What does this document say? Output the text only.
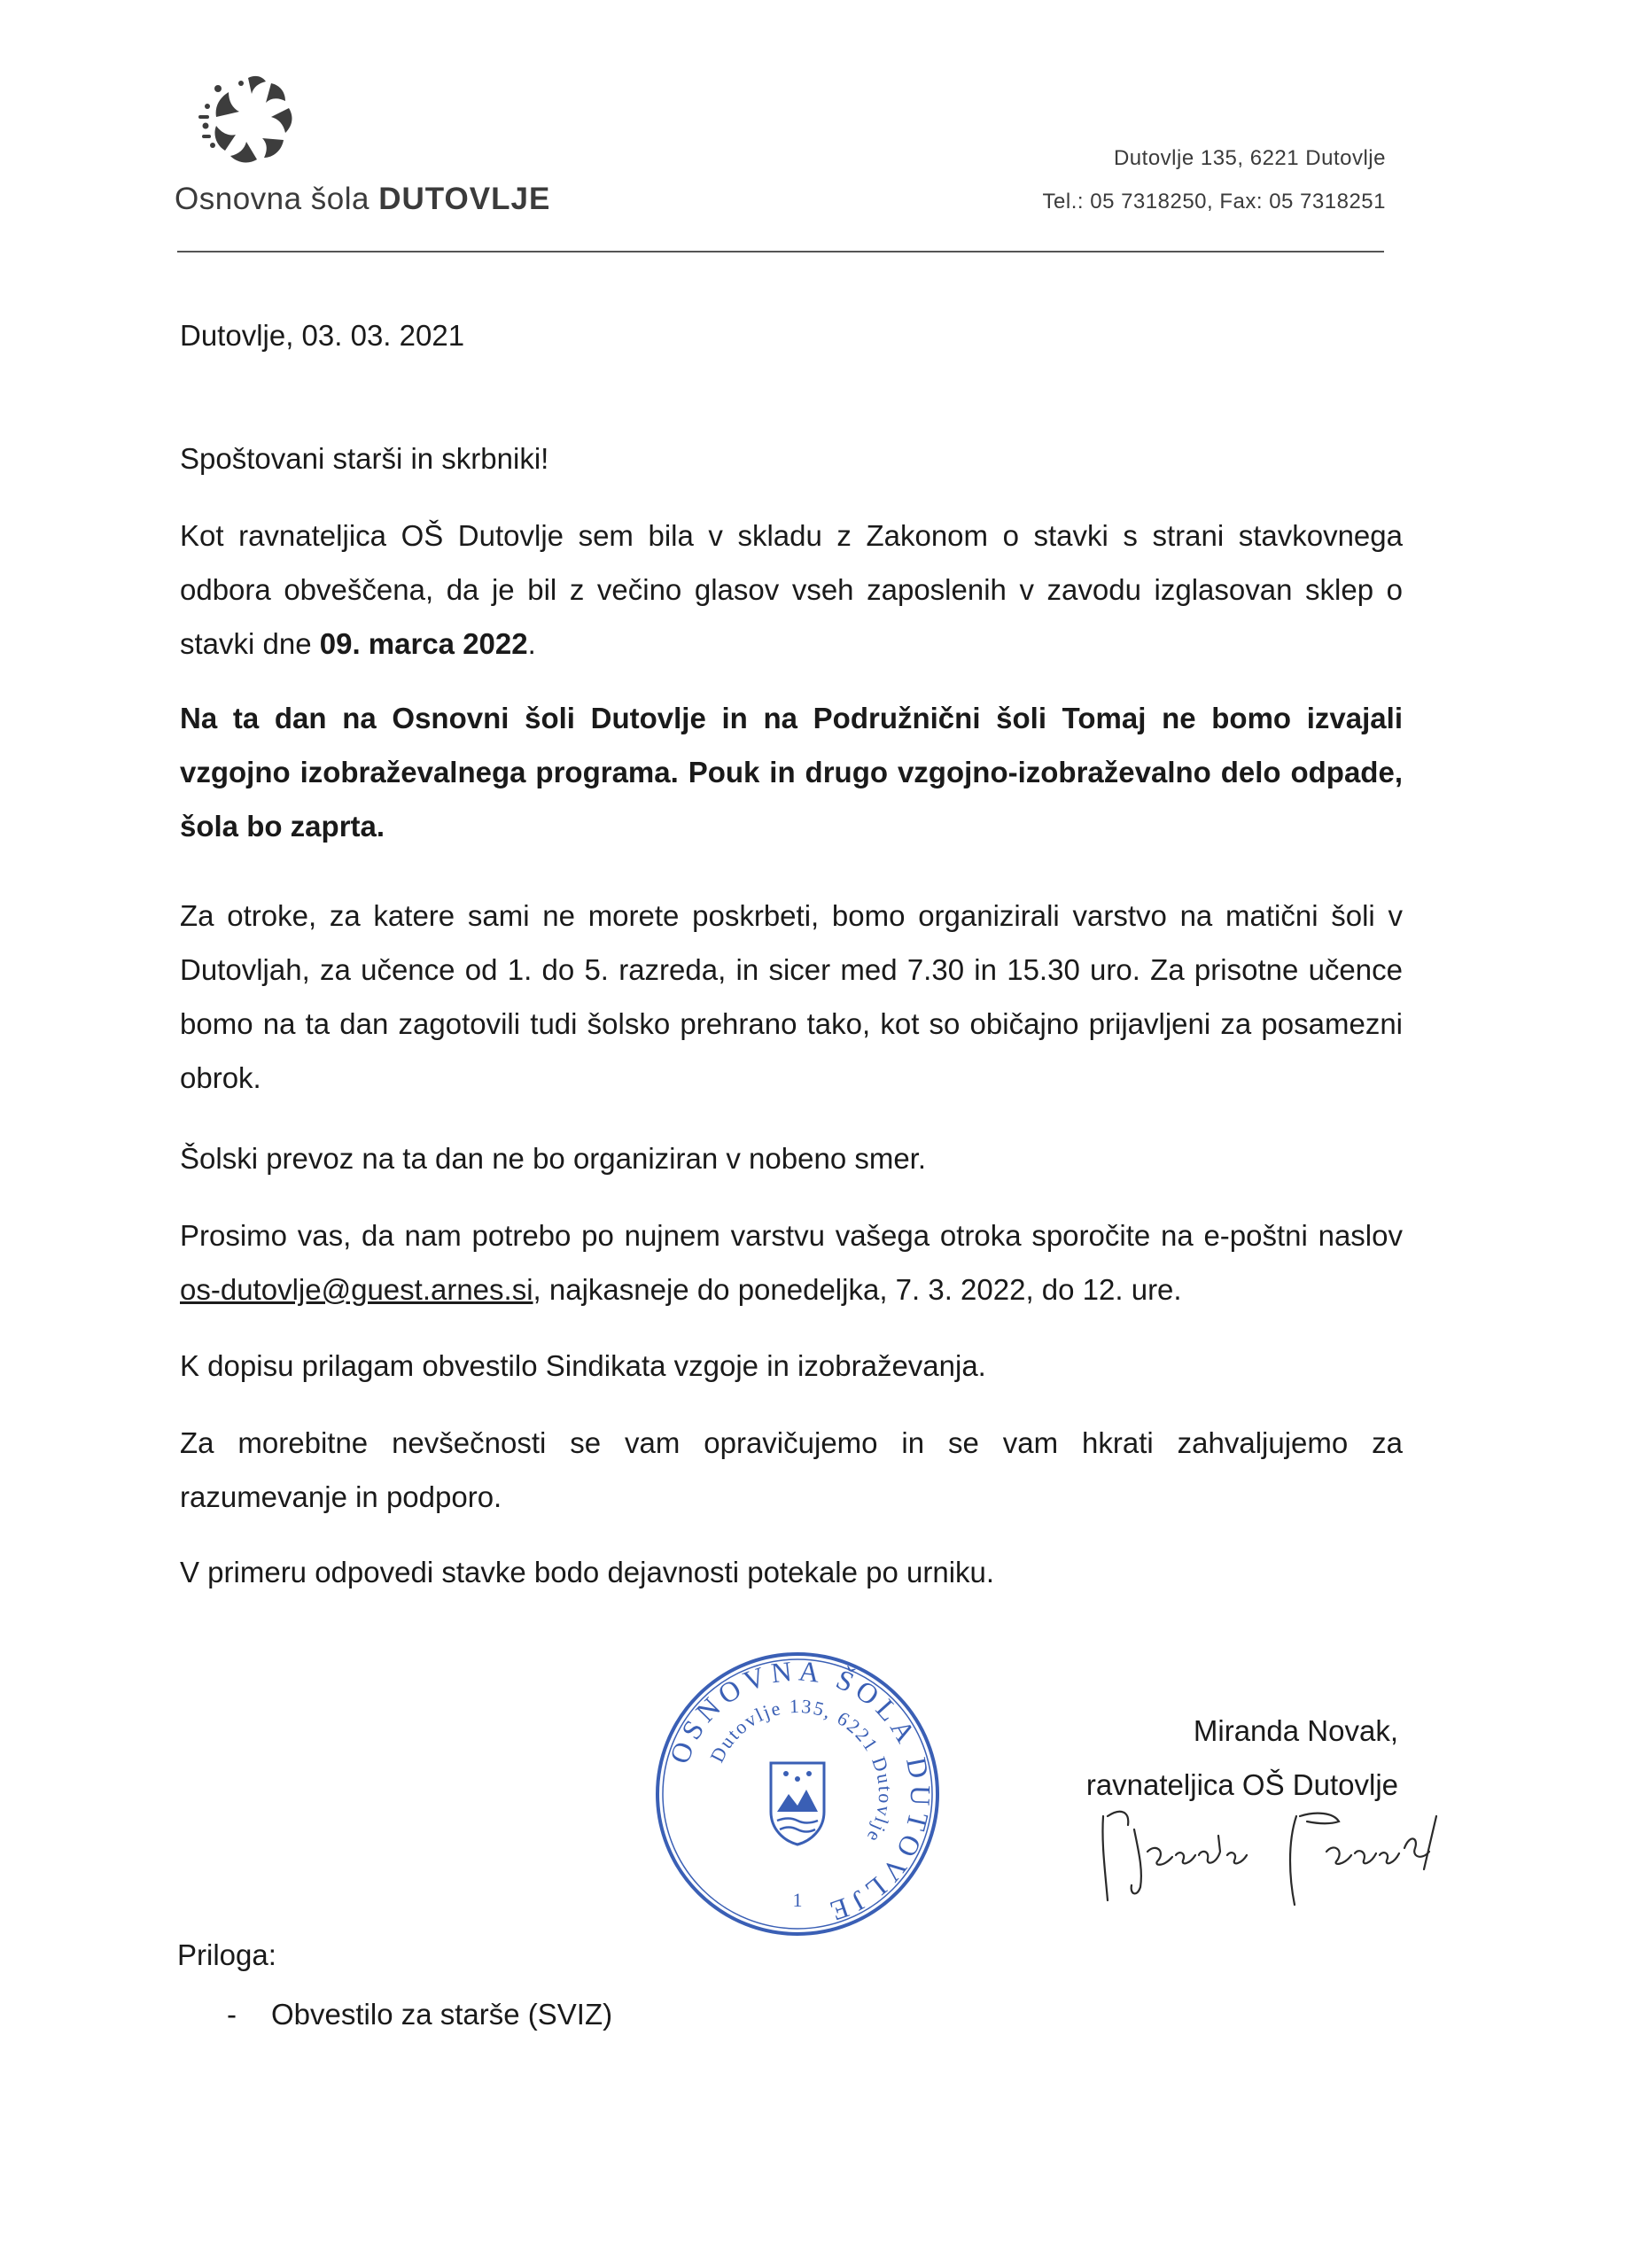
Osnovna šola DUTOVLJE
Dutovlje 135, 6221 Dutovlje
Tel.: 05 7318250, Fax: 05 7318251
Dutovlje, 03. 03. 2021
Spoštovani starši in skrbniki!
Kot ravnateljica OŠ Dutovlje sem bila v skladu z Zakonom o stavki s strani stavkovnega odbora obveščena, da je bil z večino glasov vseh zaposlenih v zavodu izglasovan sklep o stavki dne 09. marca 2022.
Na ta dan na Osnovni šoli Dutovlje in na Podružnični šoli Tomaj ne bomo izvajali vzgojno izobraževalnega programa. Pouk in drugo vzgojno-izobraževalno delo odpade, šola bo zaprta.
Za otroke, za katere sami ne morete poskrbeti, bomo organizirali varstvo na matični šoli v Dutovljah, za učence od 1. do 5. razreda, in sicer med 7.30 in 15.30 uro. Za prisotne učence bomo na ta dan zagotovili tudi šolsko prehrano tako, kot so običajno prijavljeni za posamezni obrok.
Šolski prevoz na ta dan ne bo organiziran v nobeno smer.
Prosimo vas, da nam potrebo po nujnem varstvu vašega otroka sporočite na e-poštni naslov os-dutovlje@guest.arnes.si, najkasneje do ponedeljka, 7. 3. 2022, do 12. ure.
K dopisu prilagam obvestilo Sindikata vzgoje in izobraževanja.
Za morebitne nevšečnosti se vam opravičujemo in se vam hkrati zahvaljujemo za razumevanje in podporo.
V primeru odpovedi stavke bodo dejavnosti potekale po urniku.
OSNOVNA ŠOLA DUTOVLJE
Dutovlje 135, 6221 Dutovlje
1
Miranda Novak,
ravnateljica OŠ Dutovlje
Priloga:
- Obvestilo za starše (SVIZ)
